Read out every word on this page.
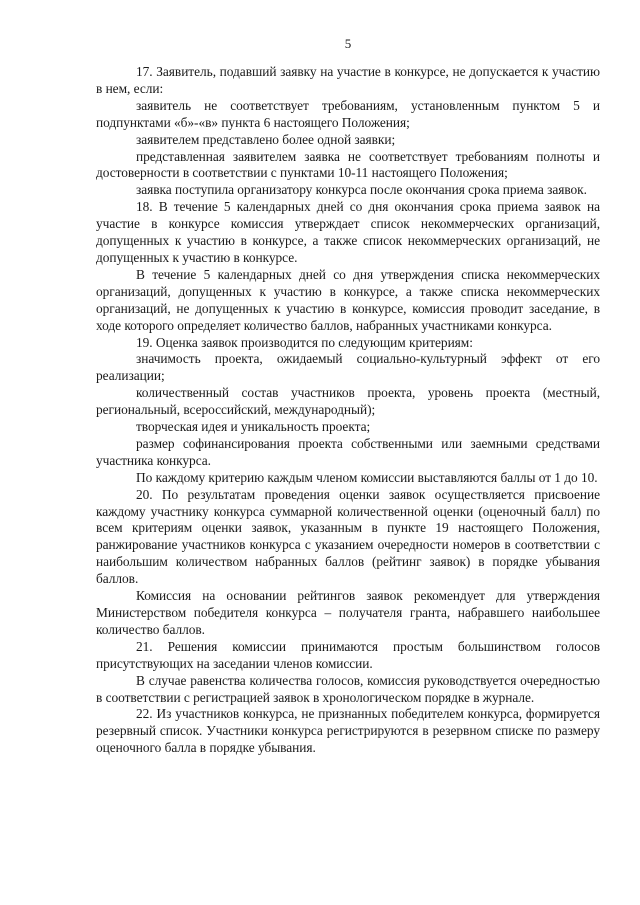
5

17. Заявитель, подавший заявку на участие в конкурсе, не допускается к участию в нем, если:

заявитель не соответствует требованиям, установленным пунктом 5 и подпунктами «б»-«в» пункта 6 настоящего Положения;

заявителем представлено более одной заявки;

представленная заявителем заявка не соответствует требованиям полноты и достоверности в соответствии с пунктами 10-11 настоящего Положения;

заявка поступила организатору конкурса после окончания срока приема заявок.

18. В течение 5 календарных дней со дня окончания срока приема заявок на участие в конкурсе комиссия утверждает список некоммерческих организаций, допущенных к участию в конкурсе, а также список некоммерческих организаций, не допущенных к участию в конкурсе.

В течение 5 календарных дней со дня утверждения списка некоммерческих организаций, допущенных к участию в конкурсе, а также списка некоммерческих организаций, не допущенных к участию в конкурсе, комиссия проводит заседание, в ходе которого определяет количество баллов, набранных участниками конкурса.

19. Оценка заявок производится по следующим критериям:

значимость проекта, ожидаемый социально-культурный эффект от его реализации;

количественный состав участников проекта, уровень проекта (местный, региональный, всероссийский, международный);

творческая идея и уникальность проекта;

размер софинансирования проекта собственными или заемными средствами участника конкурса.

По каждому критерию каждым членом комиссии выставляются баллы от 1 до 10.

20. По результатам проведения оценки заявок осуществляется присвоение каждому участнику конкурса суммарной количественной оценки (оценочный балл) по всем критериям оценки заявок, указанным в пункте 19 настоящего Положения, ранжирование участников конкурса с указанием очередности номеров в соответствии с наибольшим количеством набранных баллов (рейтинг заявок) в порядке убывания баллов.

Комиссия на основании рейтингов заявок рекомендует для утверждения Министерством победителя конкурса – получателя гранта, набравшего наибольшее количество баллов.

21. Решения комиссии принимаются простым большинством голосов присутствующих на заседании членов комиссии.

В случае равенства количества голосов, комиссия руководствуется очередностью в соответствии с регистрацией заявок в хронологическом порядке в журнале.

22. Из участников конкурса, не признанных победителем конкурса, формируется резервный список. Участники конкурса регистрируются в резервном списке по размеру оценочного балла в порядке убывания.
